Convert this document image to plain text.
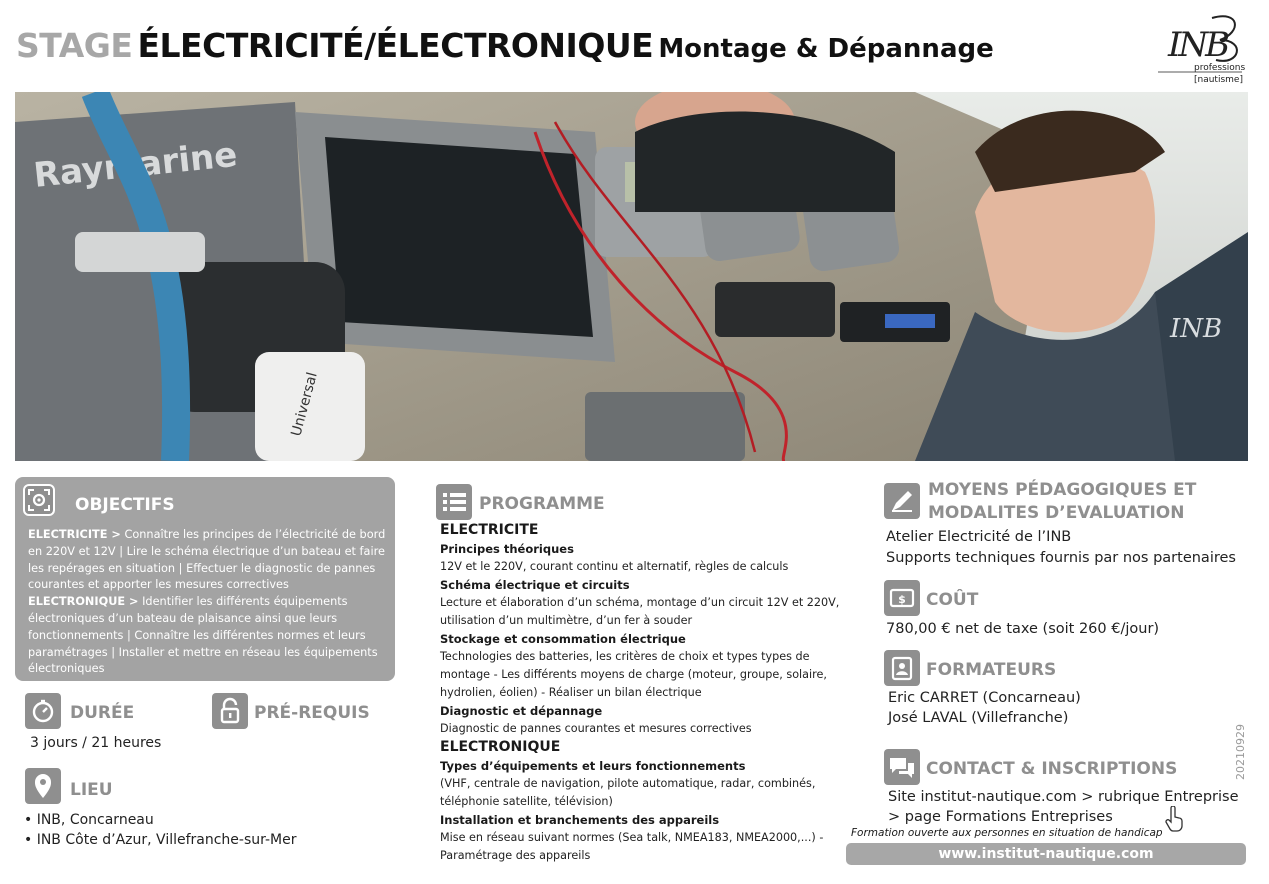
STAGE ÉLECTRICITÉ/ÉLECTRONIQUE Montage & Dépannage	INB
professions
[nautisme]
Raymarine
Universal
INB
OBJECTIFS
ELECTRICITE > Connaître les principes de l’électricité de bord en 220V et 12V | Lire le schéma électrique d’un bateau et faire les repérages en situation | Effectuer le diagnostic de pannes courantes et apporter les mesures correctives
ELECTRONIQUE > Identifier les différents équipements électroniques d’un bateau de plaisance ainsi que leurs fonctionnements | Connaître les différentes normes et leurs paramétrages | Installer et mettre en réseau les équipements électroniques
DURÉE
3 jours / 21 heures
PRÉ-REQUIS
LIEU
• INB, Concarneau
• INB Côte d’Azur, Villefranche-sur-Mer
PROGRAMME
ELECTRICITE
Principes théoriques
12V et le 220V, courant continu et alternatif, règles de calculs
Schéma électrique et circuits
Lecture et élaboration d’un schéma, montage d’un circuit 12V et 220V, utilisation d’un multimètre, d’un fer à souder
Stockage et consommation électrique
Technologies des batteries, les critères de choix et types types de montage - Les différents moyens de charge (moteur, groupe, solaire, hydrolien, éolien) - Réaliser un bilan électrique
Diagnostic et dépannage
Diagnostic de pannes courantes et mesures correctives
ELECTRONIQUE
Types d’équipements et leurs fonctionnements
(VHF, centrale de navigation, pilote automatique, radar, combinés, téléphonie satellite, télévision)
Installation et branchements des appareils
Mise en réseau suivant normes (Sea talk, NMEA183, NMEA2000,...) - Paramétrage des appareils
MOYENS PÉDAGOGIQUES ET
MODALITES D’EVALUATION
Atelier Electricité de l’INB
Supports techniques fournis par nos partenaires
$ COÛT
780,00 € net de taxe (soit 260 €/jour)
FORMATEURS
Eric CARRET (Concarneau)
José LAVAL (Villefranche)
CONTACT & INSCRIPTIONS
Site institut-nautique.com > rubrique Entreprise
> page Formations Entreprises
Formation ouverte aux personnes en situation de handicap
www.institut-nautique.com
20210929
